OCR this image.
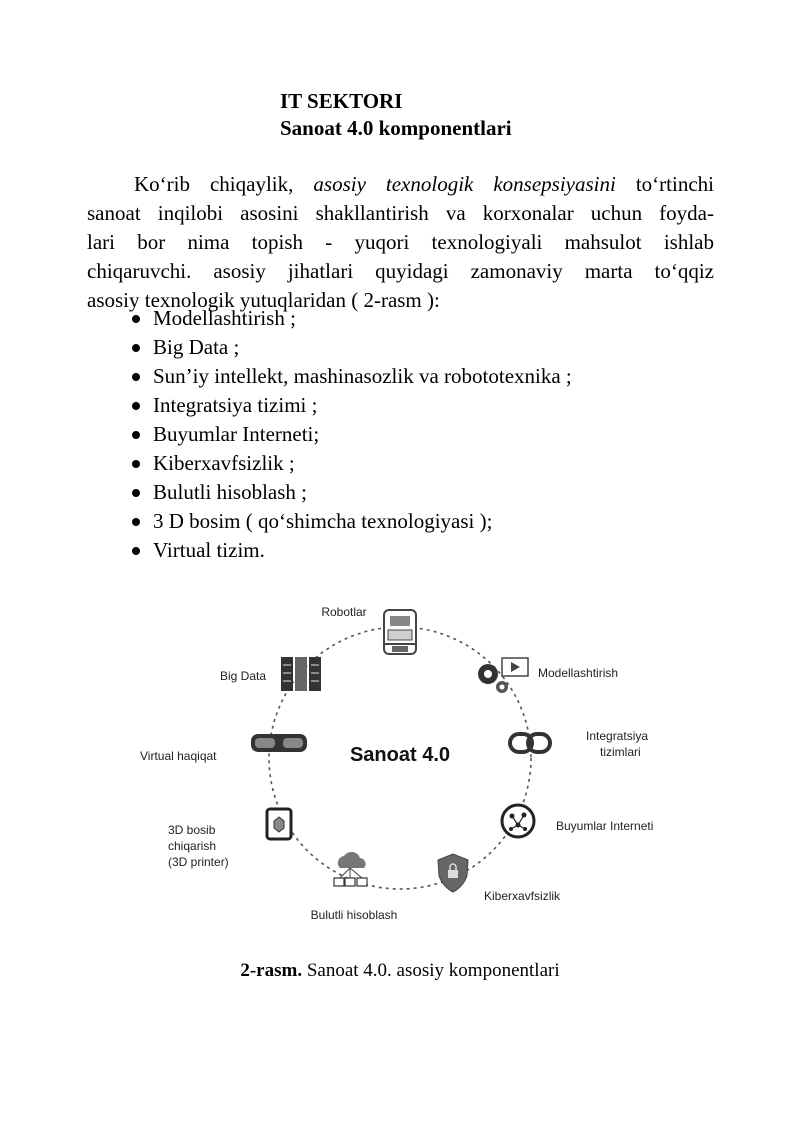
IT SEKTORI
Sanoat 4.0 komponentlari
Ko‘rib chiqaylik, asosiy texnologik konsepsiyasini to‘rtinchi
sanoat inqilobi asosini shakllantirish va korxonalar uchun foyda-
lari bor nima topish - yuqori texnologiyali mahsulot ishlab
chiqaruvchi. asosiy jihatlari quyidagi zamonaviy marta to‘qqiz
asosiy texnologik yutuqlaridan ( 2-rasm ):
Modellashtirish ;
Big Data ;
Sun’iy intellekt, mashinasozlik va robototexnika ;
Integratsiya tizimi ;
Buyumlar Interneti;
Kiberxavfsizlik ;
Bulutli hisoblash ;
3 D bosim ( qo‘shimcha texnologiyasi );
Virtual tizim.
Sanoat 4.0
Robotlar
Modellashtirish
Integratsiya
tizimlari
Buyumlar Interneti
Kiberxavfsizlik
Bulutli hisoblash
3D bosib
chiqarish
(3D printer)
Virtual haqiqat
Big Data
2-rasm. Sanoat 4.0. asosiy komponentlari
